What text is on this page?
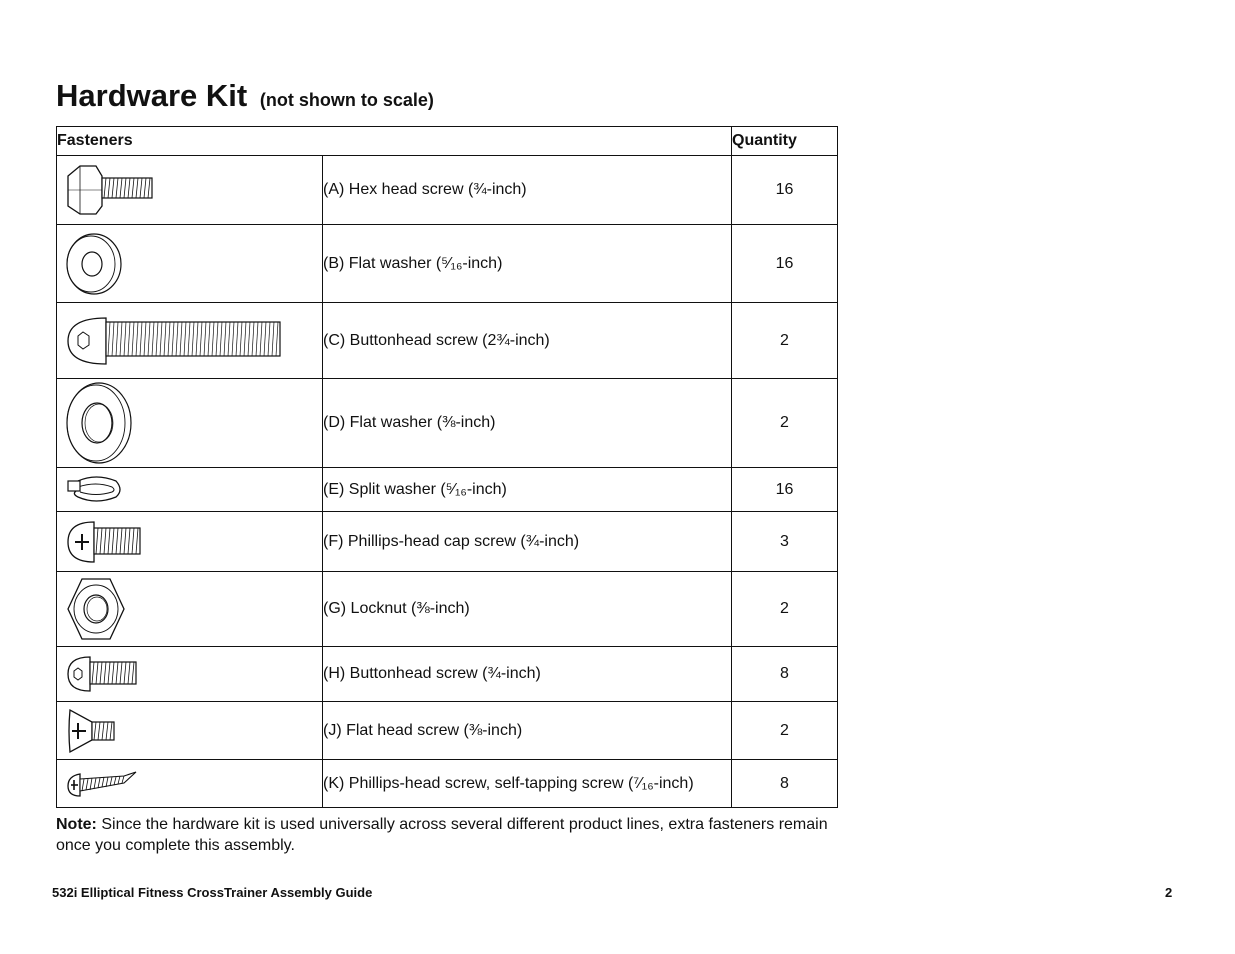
Hardware Kit (not shown to scale)
Fasteners		Quantity

	(A) Hex head screw (¾-inch)	16

	(B) Flat washer (⁵⁄₁₆-inch)	16

	(C) Buttonhead screw (2¾-inch)	2

	(D) Flat washer (⅜-inch)	2

	(E) Split washer (⁵⁄₁₆-inch)	16

	(F) Phillips-head cap screw (¾-inch)	3

	(G) Locknut (⅜-inch)	2

	(H) Buttonhead screw (¾-inch)	8

	(J) Flat head screw (⅜-inch)	2

	(K) Phillips-head screw, self-tapping screw (⁷⁄₁₆-inch)	8

Note: Since the hardware kit is used universally across several different product lines, extra fasteners remain once you complete this assembly.

532i Elliptical Fitness CrossTrainer Assembly Guide	2
